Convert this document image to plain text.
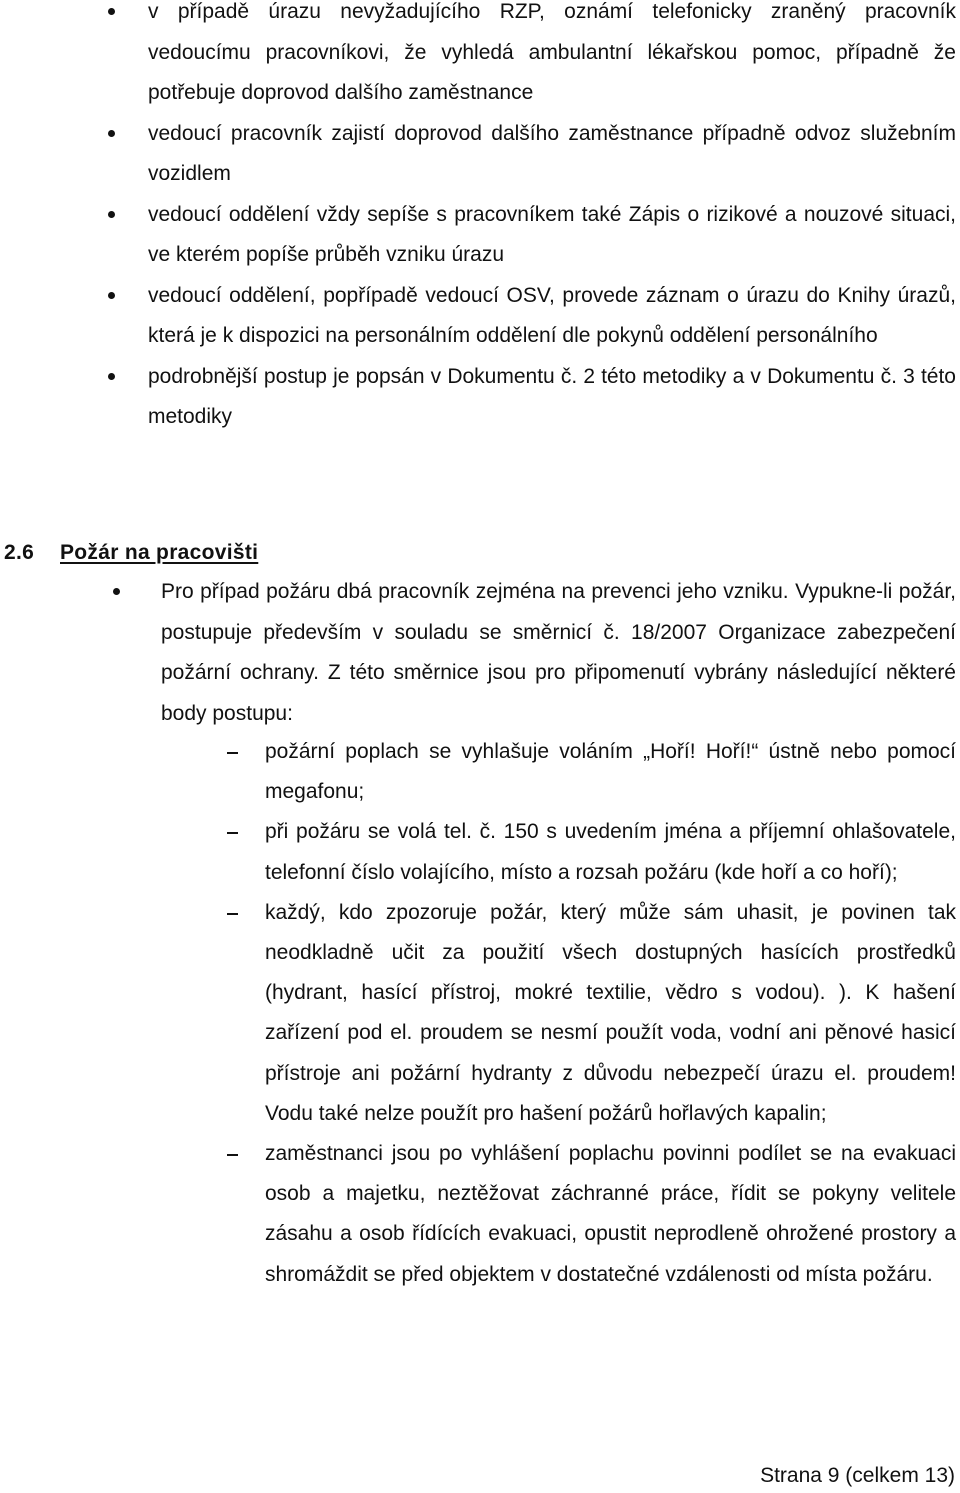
v případě úrazu nevyžadujícího RZP, oznámí telefonicky zraněný pracovník vedoucímu pracovníkovi, že vyhledá ambulantní lékařskou pomoc, případně že potřebuje doprovod dalšího zaměstnance
vedoucí pracovník zajistí doprovod dalšího zaměstnance případně odvoz služebním vozidlem
vedoucí oddělení vždy sepíše s pracovníkem také Zápis o rizikové a nouzové situaci, ve kterém popíše průběh vzniku úrazu
vedoucí oddělení, popřípadě vedoucí OSV, provede záznam o úrazu do Knihy úrazů, která je k dispozici na personálním oddělení dle pokynů oddělení personálního
podrobnější postup je popsán v Dokumentu č. 2 této metodiky a v Dokumentu č. 3 této metodiky
2.6 Požár na pracovišti
Pro případ požáru dbá pracovník zejména na prevenci jeho vzniku. Vypukne-li požár, postupuje především v souladu se směrnicí č. 18/2007 Organizace zabezpečení požární ochrany. Z této směrnice jsou pro připomenutí vybrány následující některé body postupu:
požární poplach se vyhlašuje voláním „Hoří! Hoří!“ ústně nebo pomocí megafonu;
při požáru se volá tel. č. 150 s uvedením jména a příjemní ohlašovatele, telefonní číslo volajícího, místo a rozsah požáru (kde hoří a co hoří);
každý, kdo zpozoruje požár, který může sám uhasit, je povinen tak neodkladně učit za použití všech dostupných hasících prostředků (hydrant, hasící přístroj, mokré textilie, vědro s vodou). ). K hašení zařízení pod el. proudem se nesmí použít voda, vodní ani pěnové hasicí přístroje ani požární hydranty z důvodu nebezpečí úrazu el. proudem! Vodu také nelze použít pro hašení požárů hořlavých kapalin;
zaměstnanci jsou po vyhlášení poplachu povinni podílet se na evakuaci osob a majetku, neztěžovat záchranné práce, řídit se pokyny velitele zásahu a osob řídících evakuaci, opustit neprodleně ohrožené prostory a shromáždit se před objektem v dostatečné vzdálenosti od místa požáru.
Strana 9 (celkem 13)
